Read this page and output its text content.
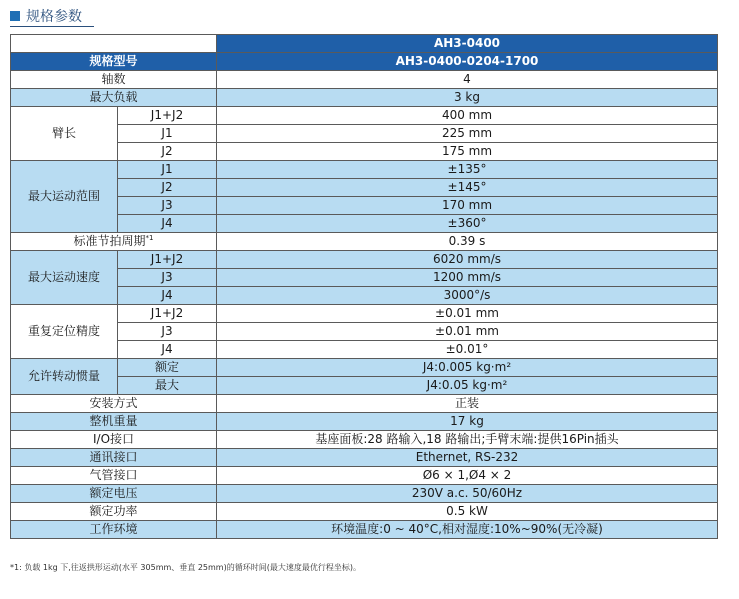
规格参数
		AH3-0400
规格型号		AH3-0400-0204-1700
轴数		4
最大负载		3 kg
臂长	J1+J2	400 mm
	J1	225 mm
	J2	175 mm
最大运动范围	J1	±135°
	J2	±145°
	J3	170 mm
	J4	±360°
标准节拍周期$^{*1}$		0.39 s
最大运动速度	J1+J2	6020 mm/s
	J3	1200 mm/s
	J4	3000°/s
重复定位精度	J1+J2	±0.01 mm
	J3	±0.01 mm
	J4	±0.01°
允许转动惯量	额定	J4:0.005 kg·m²
	最大	J4:0.05 kg·m²
安装方式		正装
整机重量		17 kg
I/O接口		基座面板:28 路输入,18 路输出;手臂末端:提供16Pin插头
通讯接口		Ethernet, RS-232
气管接口		Ø6 × 1,Ø4 × 2
额定电压		230V a.c. 50/60Hz
额定功率		0.5 kW
工作环境		环境温度:0 ~ 40°C,相对湿度:10%~90%(无冷凝)
*1: 负载 1kg 下,往返拱形运动(水平 305mm、垂直 25mm)的循环时间(最大速度最优行程坐标)。
